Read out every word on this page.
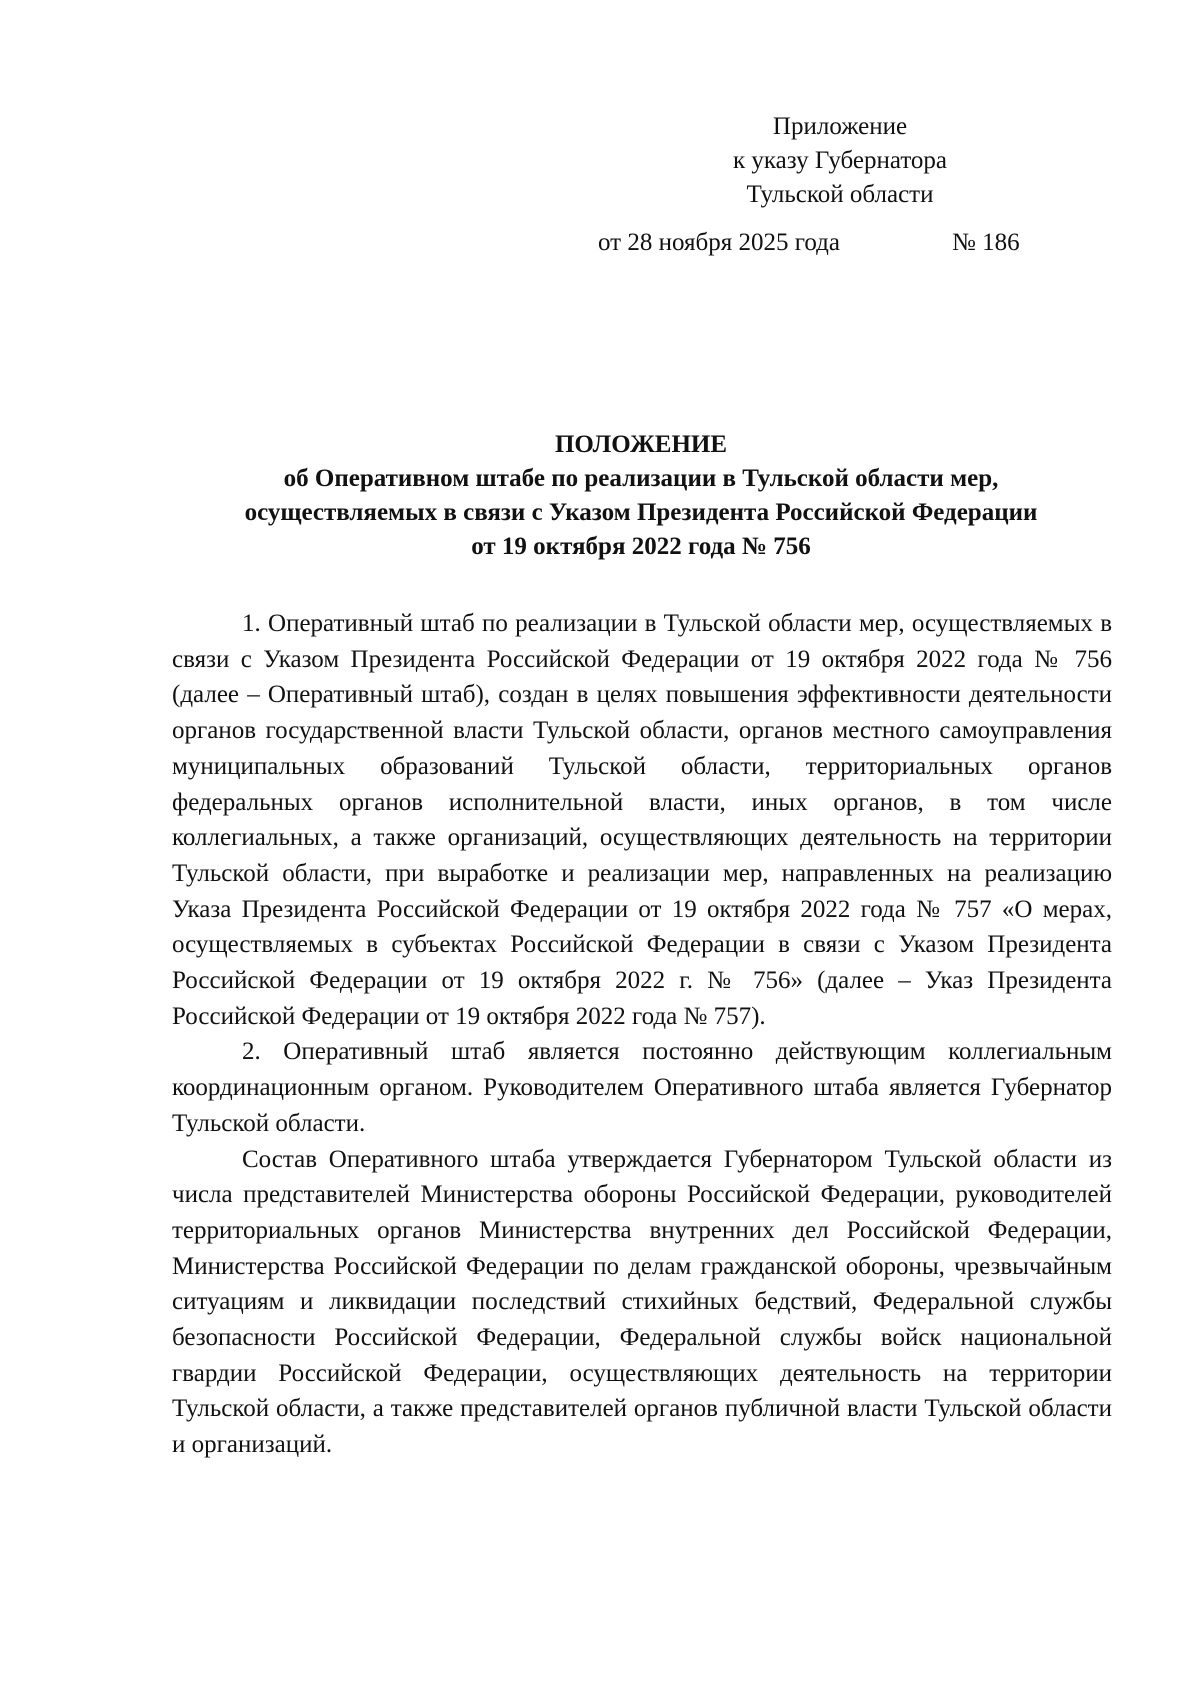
Приложение
к указу Губернатора
Тульской области
от 28 ноября 2025 года	№ 186
ПОЛОЖЕНИЕ
об Оперативном штабе по реализации в Тульской области мер,
осуществляемых в связи с Указом Президента Российской Федерации
от 19 октября 2022 года № 756

1. Оперативный штаб по реализации в Тульской области мер, осуществляемых в связи с Указом Президента Российской Федерации от 19 октября 2022 года № 756 (далее – Оперативный штаб), создан в целях повышения эффективности деятельности органов государственной власти Тульской области, органов местного самоуправления муниципальных образований Тульской области, территориальных органов федеральных органов исполнительной власти, иных органов, в том числе коллегиальных, а также организаций, осуществляющих деятельность на территории Тульской области, при выработке и реализации мер, направленных на реализацию Указа Президента Российской Федерации от 19 октября 2022 года № 757 «О мерах, осуществляемых в субъектах Российской Федерации в связи с Указом Президента Российской Федерации от 19 октября 2022 г. № 756» (далее – Указ Президента Российской Федерации от 19 октября 2022 года № 757).

2. Оперативный штаб является постоянно действующим коллегиальным координационным органом. Руководителем Оперативного штаба является Губернатор Тульской области.

Состав Оперативного штаба утверждается Губернатором Тульской области из числа представителей Министерства обороны Российской Федерации, руководителей территориальных органов Министерства внутренних дел Российской Федерации, Министерства Российской Федерации по делам гражданской обороны, чрезвычайным ситуациям и ликвидации последствий стихийных бедствий, Федеральной службы безопасности Российской Федерации, Федеральной службы войск национальной гвардии Российской Федерации, осуществляющих деятельность на территории Тульской области, а также представителей органов публичной власти Тульской области и организаций.
